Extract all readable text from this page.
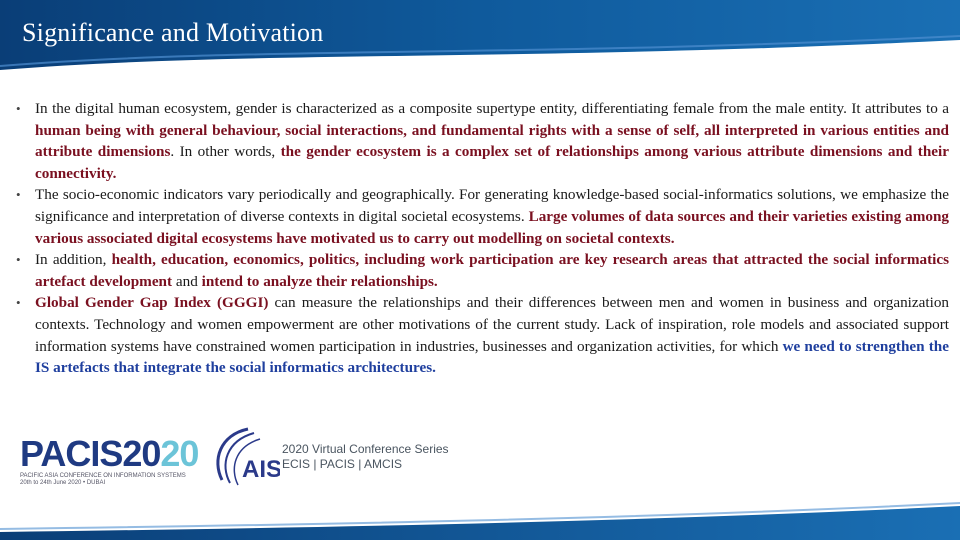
Significance and Motivation
• In the digital human ecosystem, gender is characterized as a composite supertype entity, differentiating female from the male entity. It attributes to a human being with general behaviour, social interactions, and fundamental rights with a sense of self, all interpreted in various entities and attribute dimensions. In other words, the gender ecosystem is a complex set of relationships among various attribute dimensions and their connectivity.
• The socio-economic indicators vary periodically and geographically. For generating knowledge-based social-informatics solutions, we emphasize the significance and interpretation of diverse contexts in digital societal ecosystems. Large volumes of data sources and their varieties existing among various associated digital ecosystems have motivated us to carry out modelling on societal contexts.
• In addition, health, education, economics, politics, including work participation are key research areas that attracted the social informatics artefact development and intend to analyze their relationships.
• Global Gender Gap Index (GGGI) can measure the relationships and their differences between men and women in business and organization contexts. Technology and women empowerment are other motivations of the current study. Lack of inspiration, role models and associated support information systems have constrained women participation in industries, businesses and organization activities, for which we need to strengthen the IS artefacts that integrate the social informatics architectures.
PACIS2020
PACIFIC ASIA CONFERENCE ON INFORMATION SYSTEMS
20th to 24th June 2020 • DUBAI	AIS
2020 Virtual Conference Series
ECIS | PACIS | AMCIS
